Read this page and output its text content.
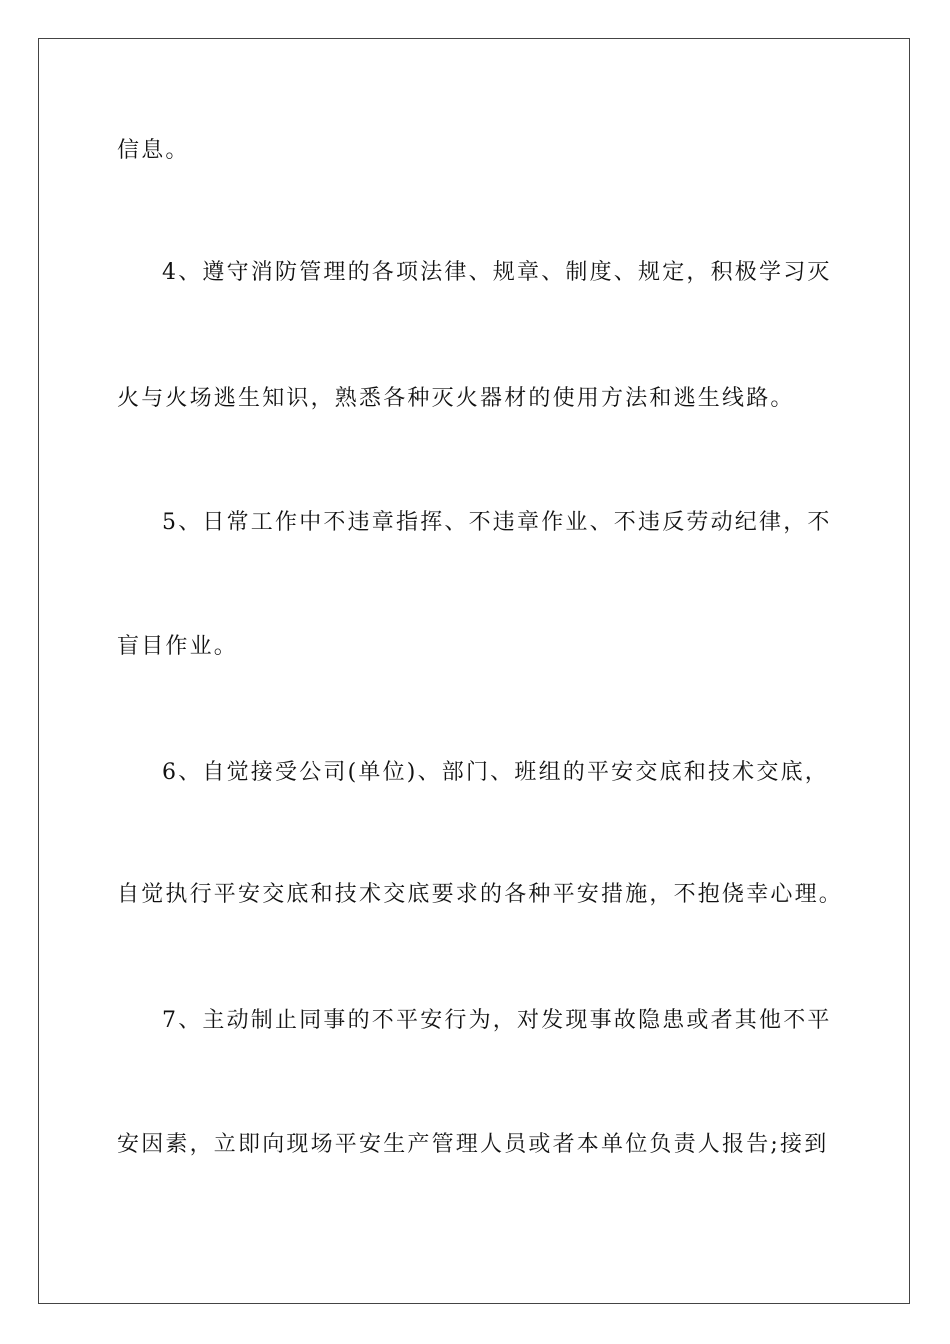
信息。
4、遵守消防管理的各项法律、规章、制度、规定，积极学习灭
火与火场逃生知识，熟悉各种灭火器材的使用方法和逃生线路。
5、日常工作中不违章指挥、不违章作业、不违反劳动纪律，不
盲目作业。
6、自觉接受公司(单位)、部门、班组的平安交底和技术交底，
自觉执行平安交底和技术交底要求的各种平安措施，不抱侥幸心理。
7、主动制止同事的不平安行为，对发现事故隐患或者其他不平
安因素，立即向现场平安生产管理人员或者本单位负责人报告;接到
